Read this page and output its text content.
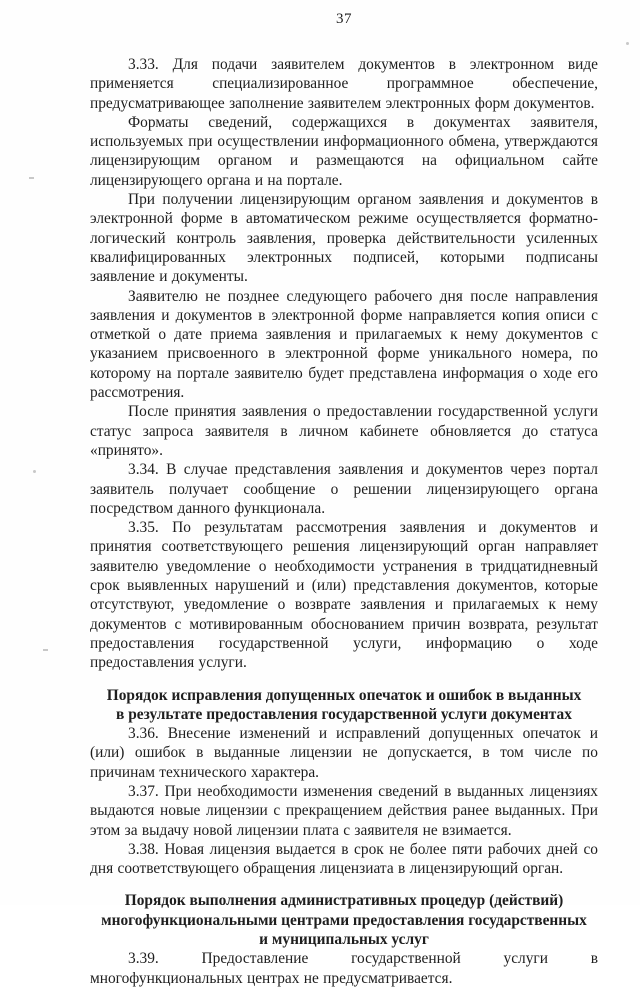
37

3.33. Для подачи заявителем документов в электронном виде применяется специализированное программное обеспечение, предусматривающее заполнение заявителем электронных форм документов.

Форматы сведений, содержащихся в документах заявителя, используемых при осуществлении информационного обмена, утверждаются лицензирующим органом и размещаются на официальном сайте лицензирующего органа и на портале.

При получении лицензирующим органом заявления и документов в электронной форме в автоматическом режиме осуществляется форматно-логический контроль заявления, проверка действительности усиленных квалифицированных электронных подписей, которыми подписаны заявление и документы.

Заявителю не позднее следующего рабочего дня после направления заявления и документов в электронной форме направляется копия описи с отметкой о дате приема заявления и прилагаемых к нему документов с указанием присвоенного в электронной форме уникального номера, по которому на портале заявителю будет представлена информация о ходе его рассмотрения.

После принятия заявления о предоставлении государственной услуги статус запроса заявителя в личном кабинете обновляется до статуса «принято».

3.34. В случае представления заявления и документов через портал заявитель получает сообщение о решении лицензирующего органа посредством данного функционала.

3.35. По результатам рассмотрения заявления и документов и принятия соответствующего решения лицензирующий орган направляет заявителю уведомление о необходимости устранения в тридцатидневный срок выявленных нарушений и (или) представления документов, которые отсутствуют, уведомление о возврате заявления и прилагаемых к нему документов с мотивированным обоснованием причин возврата, результат предоставления государственной услуги, информацию о ходе предоставления услуги.

Порядок исправления допущенных опечаток и ошибок в выданных
в результате предоставления государственной услуги документах

3.36. Внесение изменений и исправлений допущенных опечаток и (или) ошибок в выданные лицензии не допускается, в том числе по причинам технического характера.

3.37. При необходимости изменения сведений в выданных лицензиях выдаются новые лицензии с прекращением действия ранее выданных. При этом за выдачу новой лицензии плата с заявителя не взимается.

3.38. Новая лицензия выдается в срок не более пяти рабочих дней со дня соответствующего обращения лицензиата в лицензирующий орган.

Порядок выполнения административных процедур (действий)
многофункциональными центрами предоставления государственных
и муниципальных услуг

3.39. Предоставление государственной услуги в многофункциональных центрах не предусматривается.
